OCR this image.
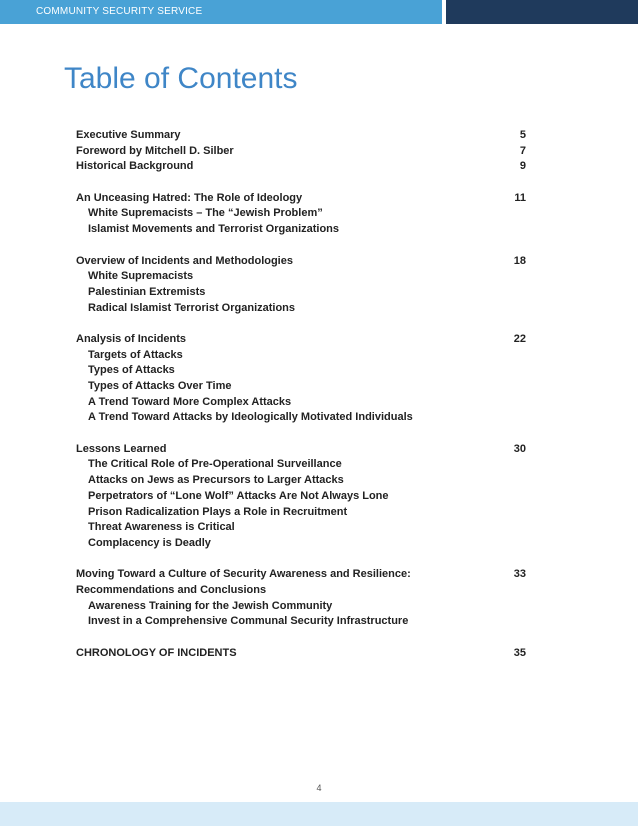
COMMUNITY SECURITY SERVICE
Table of Contents
Executive Summary	5
Foreword by Mitchell D. Silber	7
Historical Background	9
An Unceasing Hatred: The Role of Ideology	11
White Supremacists – The “Jewish Problem”
Islamist Movements and Terrorist Organizations
Overview of Incidents and Methodologies	18
White Supremacists
Palestinian Extremists
Radical Islamist Terrorist Organizations
Analysis of Incidents	22
Targets of Attacks
Types of Attacks
Types of Attacks Over Time
A Trend Toward More Complex Attacks
A Trend Toward Attacks by Ideologically Motivated Individuals
Lessons Learned	30
The Critical Role of Pre-Operational Surveillance
Attacks on Jews as Precursors to Larger Attacks
Perpetrators of “Lone Wolf” Attacks Are Not Always Lone
Prison Radicalization Plays a Role in Recruitment
Threat Awareness is Critical
Complacency is Deadly
Moving Toward a Culture of Security Awareness and Resilience:	33
Recommendations and Conclusions
Awareness Training for the Jewish Community
Invest in a Comprehensive Communal Security Infrastructure
CHRONOLOGY OF INCIDENTS	35
4
